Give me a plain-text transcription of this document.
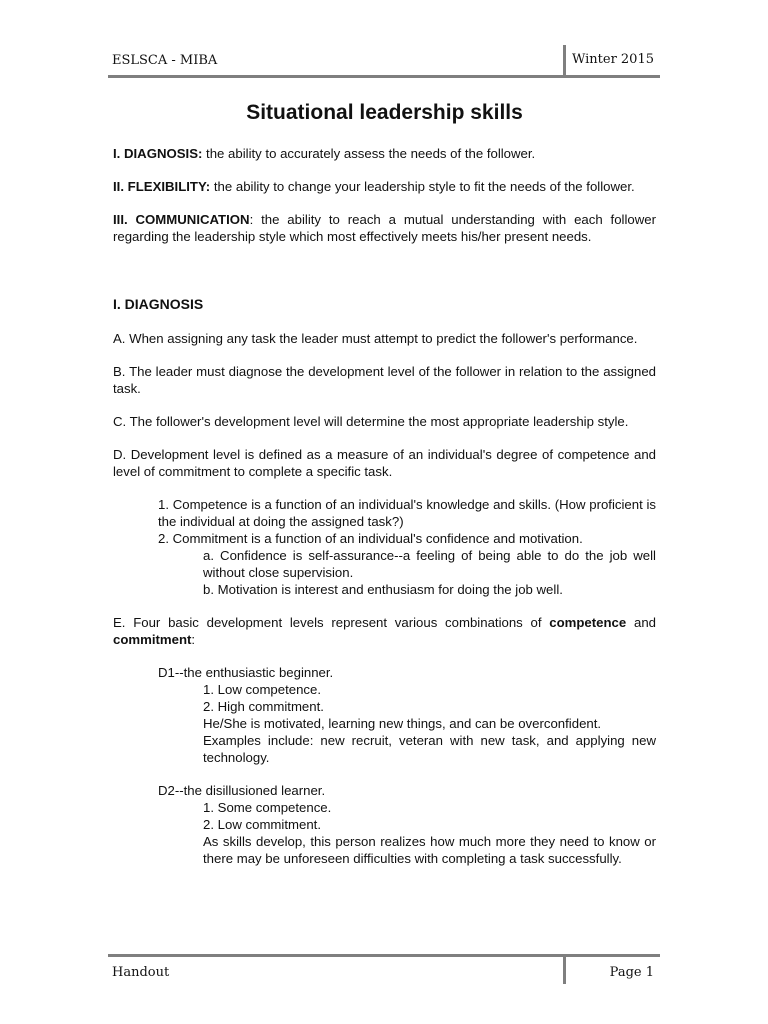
ESLSCA - MIBA	Winter 2015

Situational leadership skills

I. DIAGNOSIS: the ability to accurately assess the needs of the follower.

II. FLEXIBILITY: the ability to change your leadership style to fit the needs of the follower.

III. COMMUNICATION: the ability to reach a mutual understanding with each follower regarding the leadership style which most effectively meets his/her present needs.

I. DIAGNOSIS

A. When assigning any task the leader must attempt to predict the follower's performance.

B. The leader must diagnose the development level of the follower in relation to the assigned task.

C. The follower's development level will determine the most appropriate leadership style.

D. Development level is defined as a measure of an individual's degree of competence and level of commitment to complete a specific task.

1. Competence is a function of an individual's knowledge and skills. (How proficient is the individual at doing the assigned task?)

2. Commitment is a function of an individual's confidence and motivation.

a. Confidence is self-assurance--a feeling of being able to do the job well without close supervision.

b. Motivation is interest and enthusiasm for doing the job well.

E. Four basic development levels represent various combinations of competence and commitment:

D1--the enthusiastic beginner.

1. Low competence.

2. High commitment.

He/She is motivated, learning new things, and can be overconfident.

Examples include: new recruit, veteran with new task, and applying new technology.

D2--the disillusioned learner.

1. Some competence.

2. Low commitment.

As skills develop, this person realizes how much more they need to know or there may be unforeseen difficulties with completing a task successfully.

Handout	Page 1
